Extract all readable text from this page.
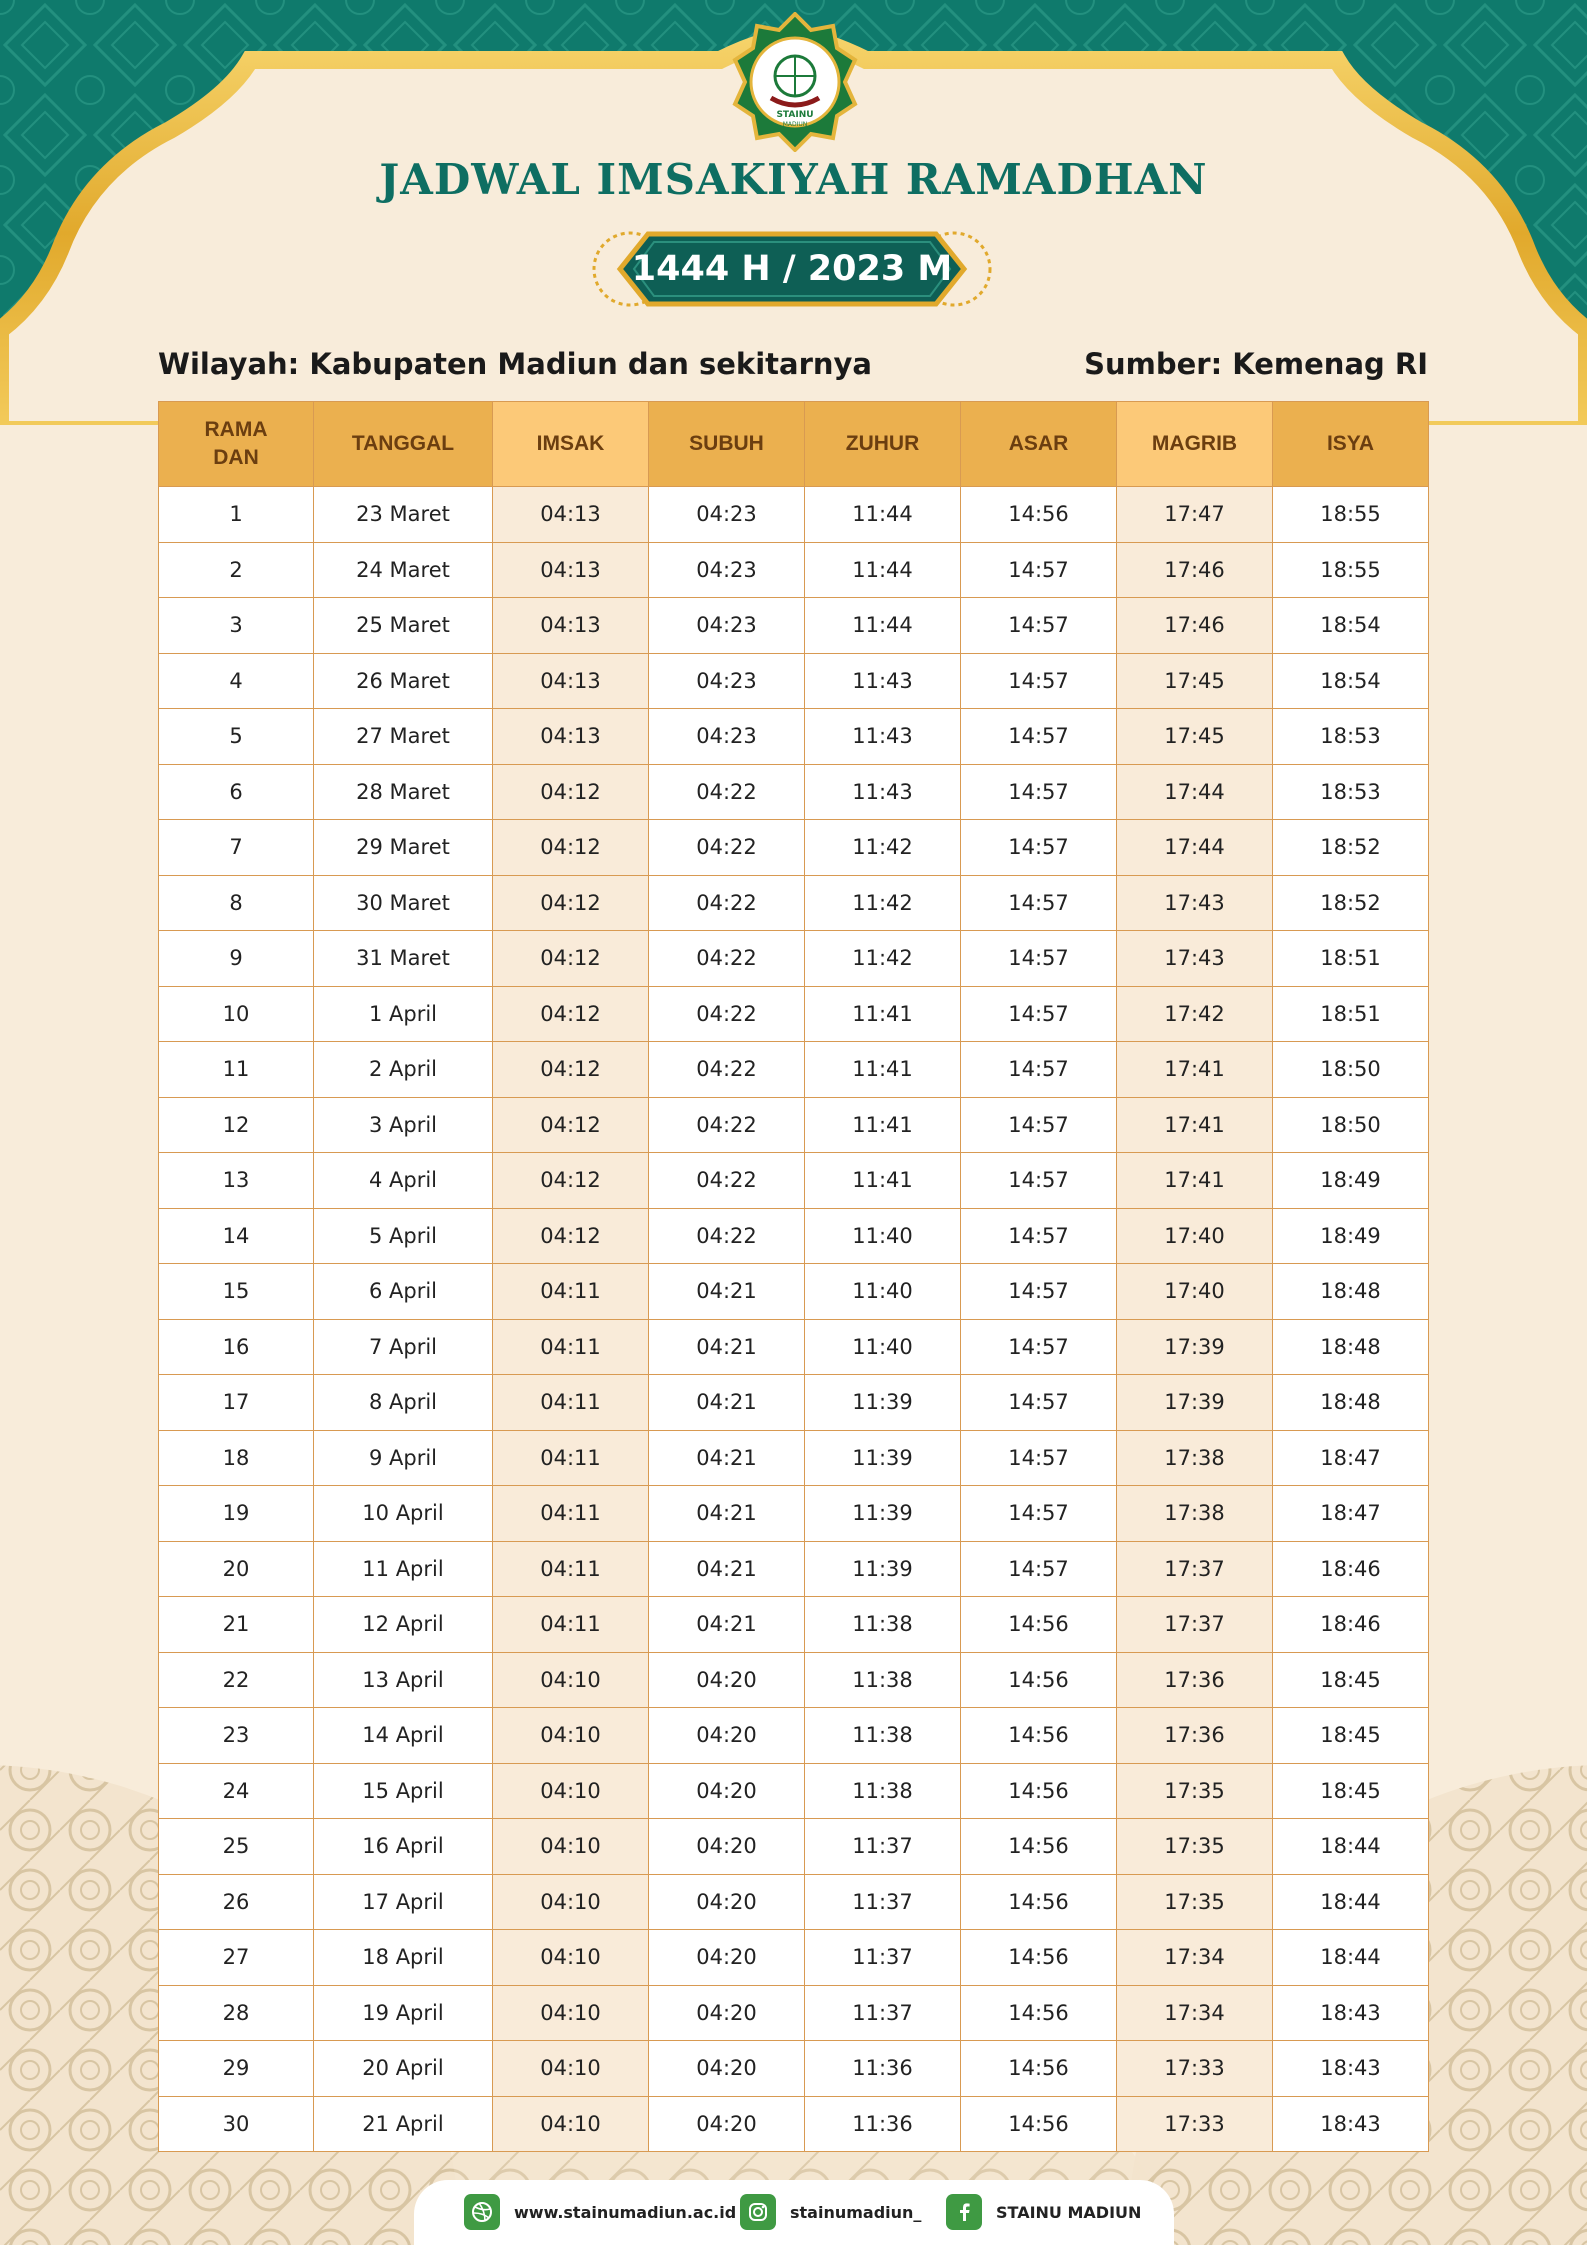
STAINU
MADIUN
JADWAL IMSAKIYAH RAMADHAN
1444 H / 2023 M
Wilayah: Kabupaten Madiun dan sekitarnya	Sumber: Kemenag RI
RAMA DAN	TANGGAL	IMSAK	SUBUH	ZUHUR	ASAR	MAGRIB	ISYA
1	23 Maret	04:13	04:23	11:44	14:56	17:47	18:55
2	24 Maret	04:13	04:23	11:44	14:57	17:46	18:55
3	25 Maret	04:13	04:23	11:44	14:57	17:46	18:54
4	26 Maret	04:13	04:23	11:43	14:57	17:45	18:54
5	27 Maret	04:13	04:23	11:43	14:57	17:45	18:53
6	28 Maret	04:12	04:22	11:43	14:57	17:44	18:53
7	29 Maret	04:12	04:22	11:42	14:57	17:44	18:52
8	30 Maret	04:12	04:22	11:42	14:57	17:43	18:52
9	31 Maret	04:12	04:22	11:42	14:57	17:43	18:51
10	1 April	04:12	04:22	11:41	14:57	17:42	18:51
11	2 April	04:12	04:22	11:41	14:57	17:41	18:50
12	3 April	04:12	04:22	11:41	14:57	17:41	18:50
13	4 April	04:12	04:22	11:41	14:57	17:41	18:49
14	5 April	04:12	04:22	11:40	14:57	17:40	18:49
15	6 April	04:11	04:21	11:40	14:57	17:40	18:48
16	7 April	04:11	04:21	11:40	14:57	17:39	18:48
17	8 April	04:11	04:21	11:39	14:57	17:39	18:48
18	9 April	04:11	04:21	11:39	14:57	17:38	18:47
19	10 April	04:11	04:21	11:39	14:57	17:38	18:47
20	11 April	04:11	04:21	11:39	14:57	17:37	18:46
21	12 April	04:11	04:21	11:38	14:56	17:37	18:46
22	13 April	04:10	04:20	11:38	14:56	17:36	18:45
23	14 April	04:10	04:20	11:38	14:56	17:36	18:45
24	15 April	04:10	04:20	11:38	14:56	17:35	18:45
25	16 April	04:10	04:20	11:37	14:56	17:35	18:44
26	17 April	04:10	04:20	11:37	14:56	17:35	18:44
27	18 April	04:10	04:20	11:37	14:56	17:34	18:44
28	19 April	04:10	04:20	11:37	14:56	17:34	18:43
29	20 April	04:10	04:20	11:36	14:56	17:33	18:43
30	21 April	04:10	04:20	11:36	14:56	17:33	18:43
www.stainumadiun.ac.id	stainumadiun_	STAINU MADIUN
